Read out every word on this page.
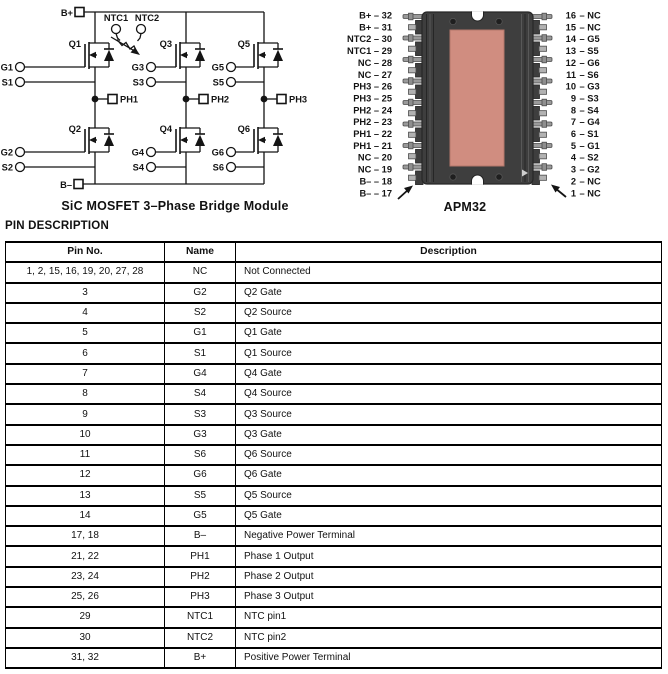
B+
B–
NTC1 NTC2
Q1
G1
S1
Q2
G2
S2
PH1
Q3
G3
S3
Q4
G4
S4
PH2
Q5
G5
S5
Q6
G6
S6
PH3
SiC MOSFET 3–Phase Bridge Module
B+ – 32
B+ – 31
NTC2 – 30
NTC1 – 29
NC – 28
NC – 27
PH3 – 26
PH3 – 25
PH2 – 24
PH2 – 23
PH1 – 22
PH1 – 21
NC – 20
NC – 19
B– – 18
B– – 17
16 – NC
15 – NC
14 – G5
13 – S5
12 – G6
11 – S6
10 – G3
9 – S3
8 – S4
7 – G4
6 – S1
5 – G1
4 – S2
3 – G2
2 – NC
1 – NC
APM32
PIN DESCRIPTION
Pin No.	Name	Description
1, 2, 15, 16, 19, 20, 27, 28	NC	Not Connected
3	G2	Q2 Gate
4	S2	Q2 Source
5	G1	Q1 Gate
6	S1	Q1 Source
7	G4	Q4 Gate
8	S4	Q4 Source
9	S3	Q3 Source
10	G3	Q3 Gate
11	S6	Q6 Source
12	G6	Q6 Gate
13	S5	Q5 Source
14	G5	Q5 Gate
17, 18	B–	Negative Power Terminal
21, 22	PH1	Phase 1 Output
23, 24	PH2	Phase 2 Output
25, 26	PH3	Phase 3 Output
29	NTC1	NTC pin1
30	NTC2	NTC pin2
31, 32	B+	Positive Power Terminal
